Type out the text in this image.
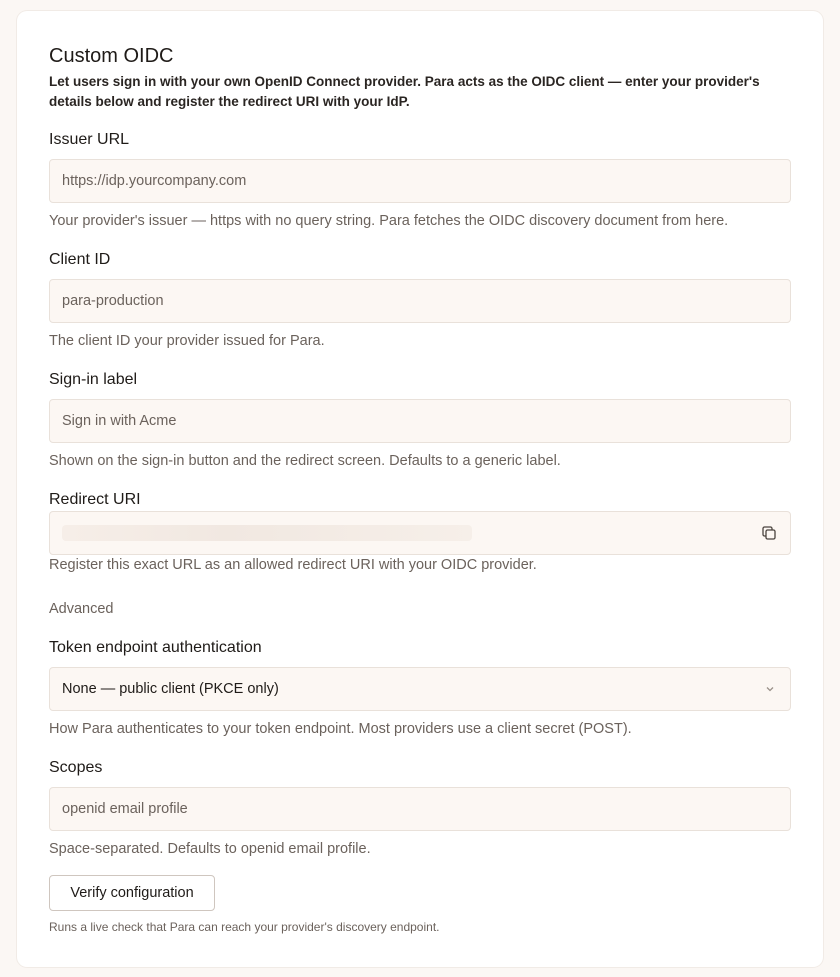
Custom OIDC
Let users sign in with your own OpenID Connect provider. Para acts as the OIDC client — enter your provider's details below and register the redirect URI with your IdP.
Issuer URL
https://idp.yourcompany.com
Your provider's issuer — https with no query string. Para fetches the OIDC discovery document from here.
Client ID
para-production
The client ID your provider issued for Para.
Sign-in label
Sign in with Acme
Shown on the sign-in button and the redirect screen. Defaults to a generic label.
Redirect URI
Register this exact URL as an allowed redirect URI with your OIDC provider.
Advanced
Token endpoint authentication
None — public client (PKCE only)
How Para authenticates to your token endpoint. Most providers use a client secret (POST).
Scopes
openid email profile
Space-separated. Defaults to openid email profile.
Verify configuration
Runs a live check that Para can reach your provider's discovery endpoint.
